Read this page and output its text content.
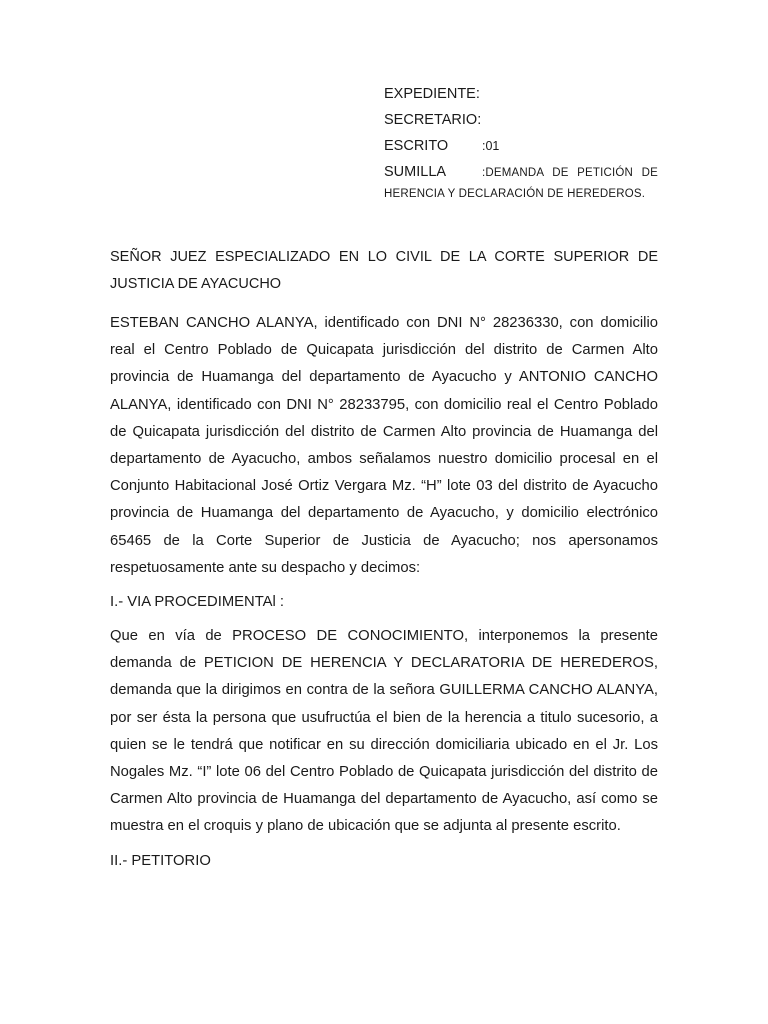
EXPEDIENTE:
SECRETARIO:
ESCRITO	:01
SUMILLA	:DEMANDA DE PETICIÓN DE
HERENCIA Y DECLARACIÓN DE HEREDEROS.

SEÑOR JUEZ ESPECIALIZADO EN LO CIVIL DE LA CORTE SUPERIOR DE JUSTICIA DE AYACUCHO

ESTEBAN CANCHO ALANYA, identificado con DNI N° 28236330, con domicilio real el Centro Poblado de Quicapata jurisdicción del distrito de Carmen Alto provincia de Huamanga del departamento de Ayacucho y ANTONIO CANCHO ALANYA, identificado con DNI N° 28233795, con domicilio real el Centro Poblado de Quicapata jurisdicción del distrito de Carmen Alto provincia de Huamanga del departamento de Ayacucho, ambos señalamos nuestro domicilio procesal en el Conjunto Habitacional José Ortiz Vergara Mz. “H” lote 03 del distrito de Ayacucho provincia de Huamanga del departamento de Ayacucho, y domicilio electrónico 65465 de la Corte Superior de Justicia de Ayacucho; nos apersonamos respetuosamente ante su despacho y decimos:

I.- VIA PROCEDIMENTAl :

Que en vía de PROCESO DE CONOCIMIENTO, interponemos la presente demanda de PETICION DE HERENCIA Y DECLARATORIA DE HEREDEROS, demanda que la dirigimos en contra de la señora GUILLERMA CANCHO ALANYA, por ser ésta la persona que usufructúa el bien de la herencia a titulo sucesorio, a quien se le tendrá que notificar en su dirección domiciliaria ubicado en el Jr. Los Nogales Mz. “I” lote 06 del Centro Poblado de Quicapata jurisdicción del distrito de Carmen Alto provincia de Huamanga del departamento de Ayacucho, así como se muestra en el croquis y plano de ubicación que se adjunta al presente escrito.

II.- PETITORIO
